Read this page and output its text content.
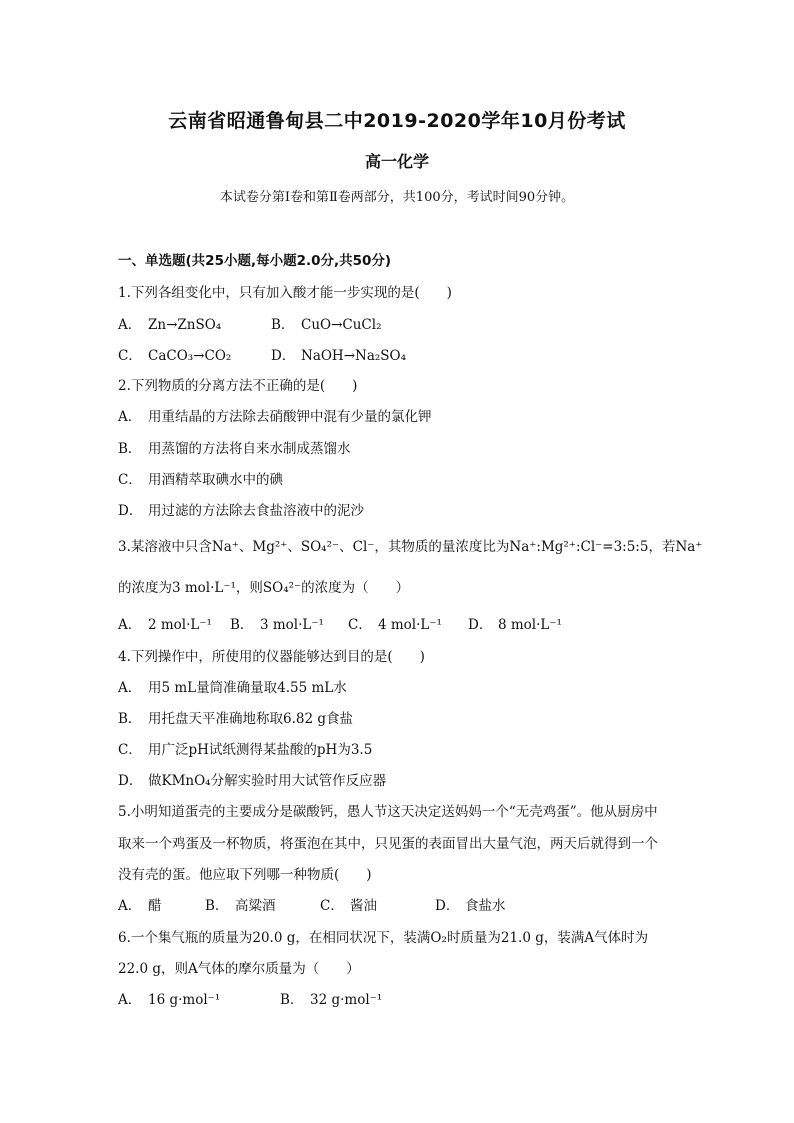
云南省昭通鲁甸县二中2019-2020学年10月份考试
高一化学
本试卷分第Ⅰ卷和第Ⅱ卷两部分，共100分，考试时间90分钟。
一、单选题(共25小题,每小题2.0分,共50分)
1.下列各组变化中，只有加入酸才能一步实现的是(　　)
A． Zn→ZnSO₄	B． CuO→CuCl₂
C． CaCO₃→CO₂	D． NaOH→Na₂SO₄
2.下列物质的分离方法不正确的是(　　)
A． 用重结晶的方法除去硝酸钾中混有少量的氯化钾
B． 用蒸馏的方法将自来水制成蒸馏水
C． 用酒精萃取碘水中的碘
D． 用过滤的方法除去食盐溶液中的泥沙
3.某溶液中只含Na⁺、Mg²⁺、SO₄²⁻、Cl⁻，其物质的量浓度比为Na⁺:Mg²⁺:Cl⁻=3:5:5，若Na⁺
的浓度为3 mol·L⁻¹，则SO₄²⁻的浓度为（　　）
A． 2 mol·L⁻¹ B． 3 mol·L⁻¹ C． 4 mol·L⁻¹ D． 8 mol·L⁻¹
4.下列操作中，所使用的仪器能够达到目的是(　　)
A． 用5 mL量筒准确量取4.55 mL水
B． 用托盘天平准确地称取6.82 g食盐
C． 用广泛pH试纸测得某盐酸的pH为3.5
D． 做KMnO₄分解实验时用大试管作反应器
5.小明知道蛋壳的主要成分是碳酸钙，愚人节这天决定送妈妈一个“无壳鸡蛋”。他从厨房中
取来一个鸡蛋及一杯物质，将蛋泡在其中，只见蛋的表面冒出大量气泡，两天后就得到一个
没有壳的蛋。他应取下列哪一种物质(　　)
A． 醋	B． 高粱酒	C． 酱油	D． 食盐水
6.一个集气瓶的质量为20.0 g，在相同状况下，装满O₂时质量为21.0 g，装满A气体时为
22.0 g，则A气体的摩尔质量为（　　）
A． 16 g·mol⁻¹	B． 32 g·mol⁻¹
